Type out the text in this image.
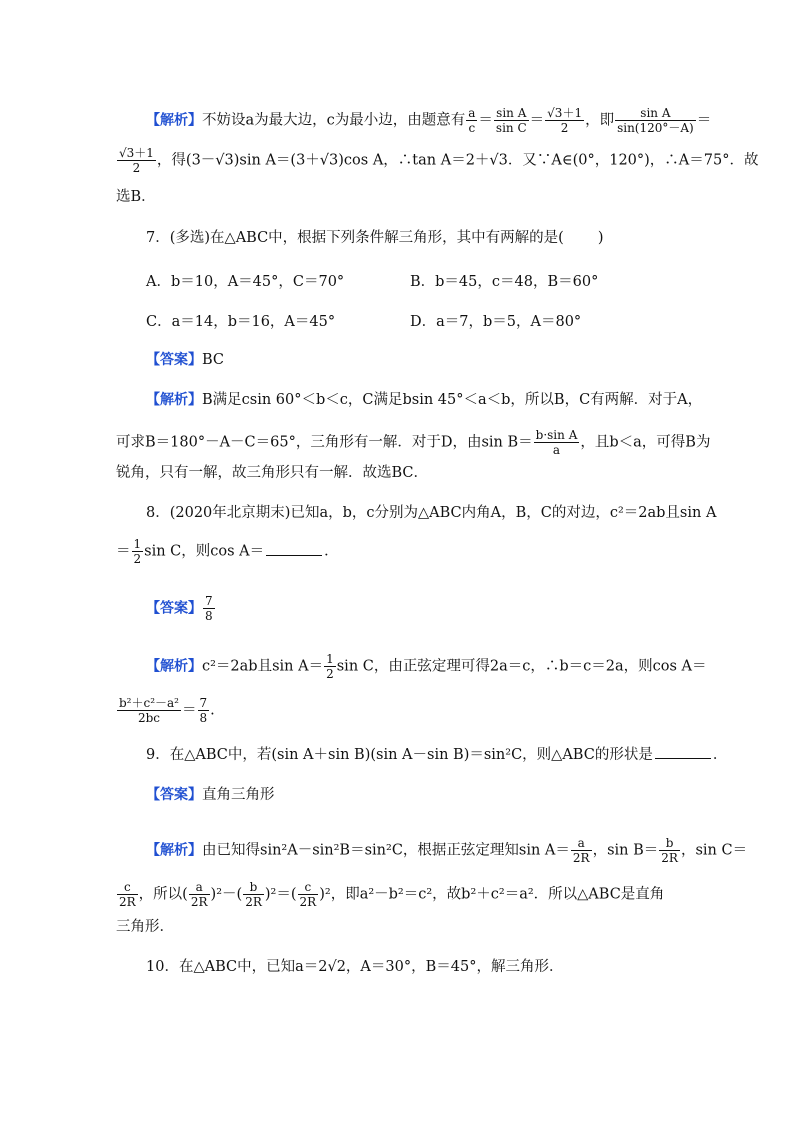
【解析】不妨设a为最大边，c为最小边，由题意有 $\frac{a}{c} = \frac{\text{sin A}}{\text{sin C}} = \frac{√3+1}{2}$ ，即 $\frac{\text{sin A}}{\sin(120^\circ-A)}$ ＝
$\frac{√3+1}{2}$ ，得(3－√3)sin A＝(3＋√3)cos A，∴tan A＝2＋√3．又∵A∈(0°，120°)，∴A＝75°．故
选B．
7．(多选)在△ABC中，根据下列条件解三角形，其中有两解的是( )
A．b＝10，A＝45°，C＝70°	B．b＝45，c＝48，B＝60°
C．a＝14，b＝16，A＝45°	D．a＝7，b＝5，A＝80°
【答案】BC
【解析】B满足csin 60°＜b＜c，C满足bsin 45°＜a＜b，所以B，C有两解．对于A，
可求B＝180°－A－C＝65°，三角形有一解．对于D，由$\sin B= \frac{\text{b·sin A}}{a}$ ，且b＜a，可得B为
锐角，只有一解，故三角形只有一解．故选BC．
8．(2020年北京期末)已知a，b，c分别为△ABC内角A，B，C的对边，c²＝2ab且sin A
＝ $\frac{1}{2}$ sin C，则cos A＝	．
【答案】 $\frac{7}{8}$
【解析】c²＝2ab且$\sin A= \frac{1}{2}$ sin C，由正弦定理可得2a＝c，∴b＝c＝2a，则cos A＝
$\frac{\text{b²＋c²－a²}}{2bc} = \frac{7}{8}$ .
9．在△ABC中，若(sin A＋sin B)(sin A－sin B)＝sin²C，则△ABC的形状是	．
【答案】直角三角形
【解析】由已知得sin²A－sin²B＝sin²C，根据正弦定理知$\sin A= \frac{a}{2R}$ ，$\sin B= \frac{b}{2R}$ ，sin C＝
$\frac{c}{2R}$ ，所以( $\frac{a}{2R} )^2-( \frac{b}{2R} )^2=( \frac{c}{2R} )^2$，即a²－b²＝c²，故b²＋c²＝a²．所以△ABC是直角
三角形．
10．在△ABC中，已知a＝2√2，A＝30°，B＝45°，解三角形．
